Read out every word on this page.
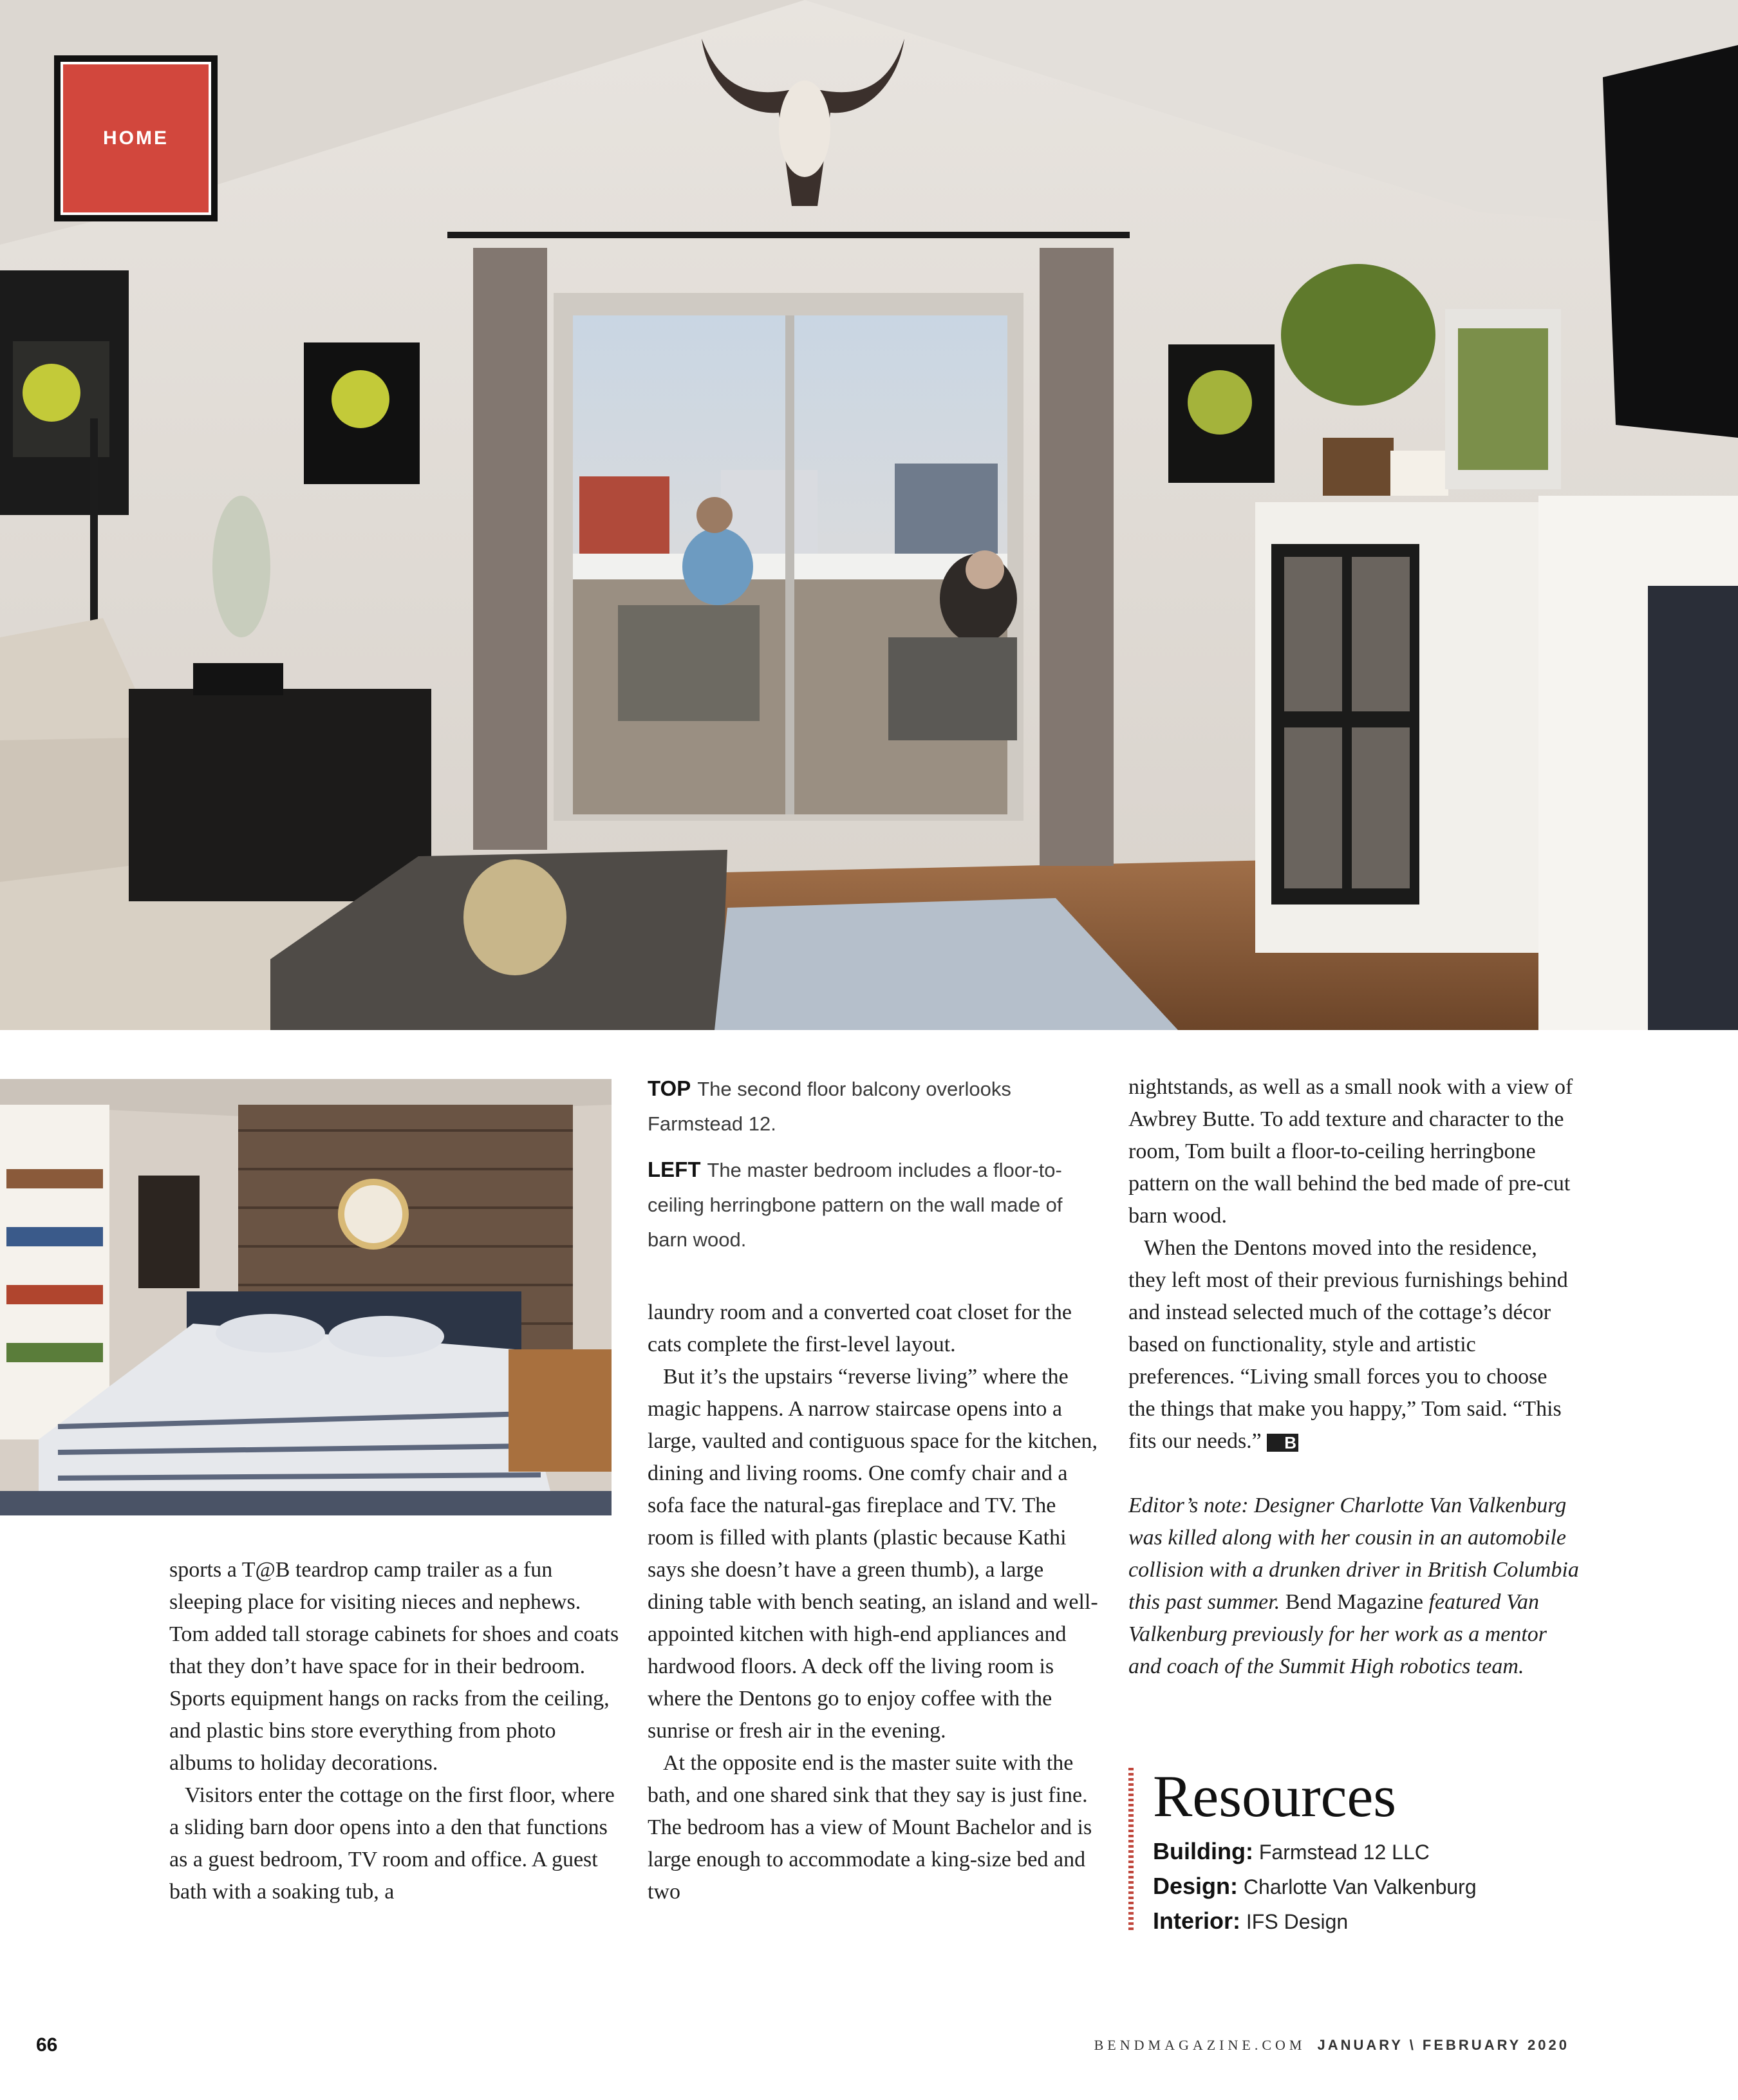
HOME
TOP The second floor balcony overlooks Farmstead 12.
LEFT The master bedroom includes a floor-to-ceiling herringbone pattern on the wall made of barn wood.

sports a T@B teardrop camp trailer as a fun sleeping place for visiting nieces and nephews. Tom added tall storage cabinets for shoes and coats that they don’t have space for in their bedroom. Sports equipment hangs on racks from the ceiling, and plastic bins store everything from photo albums to holiday decorations.

Visitors enter the cottage on the first floor, where a sliding barn door opens into a den that functions as a guest bedroom, TV room and office. A guest bath with a soaking tub, a

laundry room and a converted coat closet for the cats complete the first-level layout.

But it’s the upstairs “reverse living” where the magic happens. A narrow staircase opens into a large, vaulted and contiguous space for the kitchen, dining and living rooms. One comfy chair and a sofa face the natural-gas fireplace and TV. The room is filled with plants (plastic because Kathi says she doesn’t have a green thumb), a large dining table with bench seating, an island and well-appointed kitchen with high-end appliances and hardwood floors. A deck off the living room is where the Dentons go to enjoy coffee with the sunrise or fresh air in the evening.

At the opposite end is the master suite with the bath, and one shared sink that they say is just fine. The bedroom has a view of Mount Bachelor and is large enough to accommodate a king-size bed and two

nightstands, as well as a small nook with a view of Awbrey Butte. To add texture and character to the room, Tom built a floor-to-ceiling herringbone pattern on the wall behind the bed made of pre-cut barn wood.

When the Dentons moved into the residence, they left most of their previous furnishings behind and instead selected much of the cottage’s décor based on functionality, style and artistic preferences. “Living small forces you to choose the things that make you happy,” Tom said. “This fits our needs.” B

Editor’s note: Designer Charlotte Van Valkenburg was killed along with her cousin in an automobile collision with a drunken driver in British Columbia this past summer. Bend Magazine featured Van Valkenburg previously for her work as a mentor and coach of the Summit High robotics team.

Resources
Building: Farmstead 12 LLC
Design: Charlotte Van Valkenburg
Interior: IFS Design
66	BENDMAGAZINE.COM JANUARY \ FEBRUARY 2020
